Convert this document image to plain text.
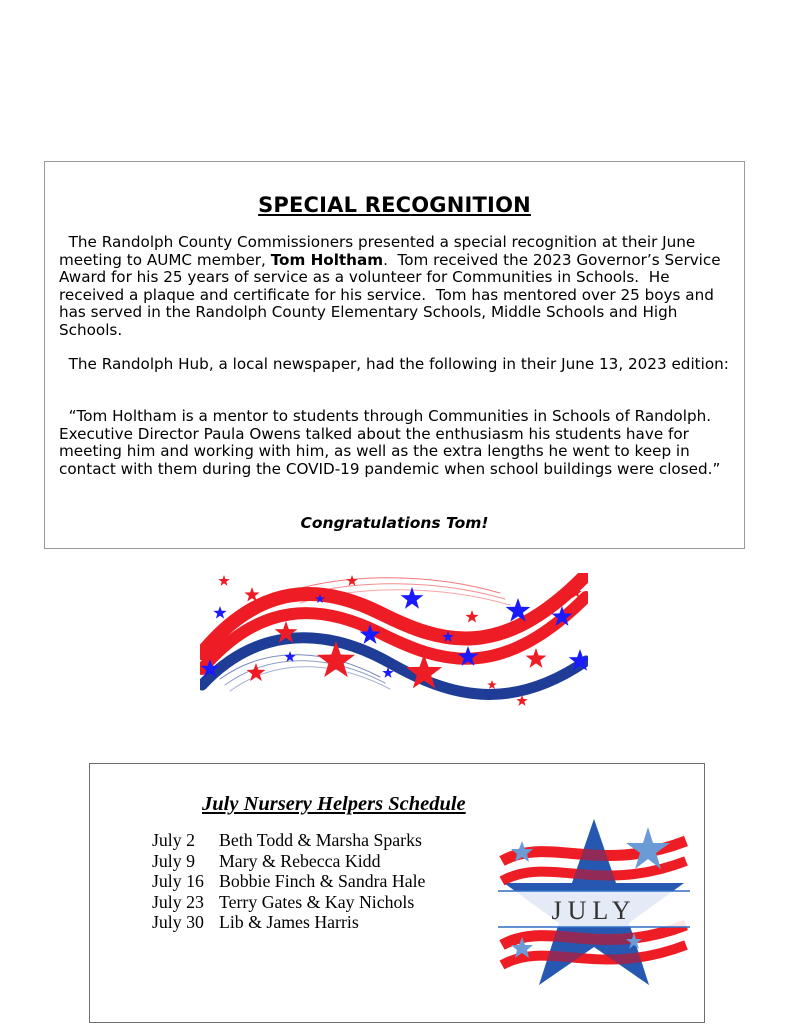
SPECIAL RECOGNITION
The Randolph County Commissioners presented a special recognition at their June meeting to AUMC member, Tom Holtham.  Tom received the 2023 Governor’s Service Award for his 25 years of service as a volunteer for Communities in Schools.  He received a plaque and certificate for his service.  Tom has mentored over 25 boys and has served in the Randolph County Elementary Schools, Middle Schools and High Schools.
The Randolph Hub, a local newspaper, had the following in their June 13, 2023 edition:
“Tom Holtham is a mentor to students through Communities in Schools of Randolph.  Executive Director Paula Owens talked about the enthusiasm his students have for meeting him and working with him, as well as the extra lengths he went to keep in contact with them during the COVID-19 pandemic when school buildings were closed.”
Congratulations Tom!
July Nursery Helpers Schedule
July 2 Beth Todd & Marsha Sparks
July 9 Mary & Rebecca Kidd
July 16 Bobbie Finch & Sandra Hale
July 23 Terry Gates & Kay Nichols
July 30 Lib & James Harris	JULY
